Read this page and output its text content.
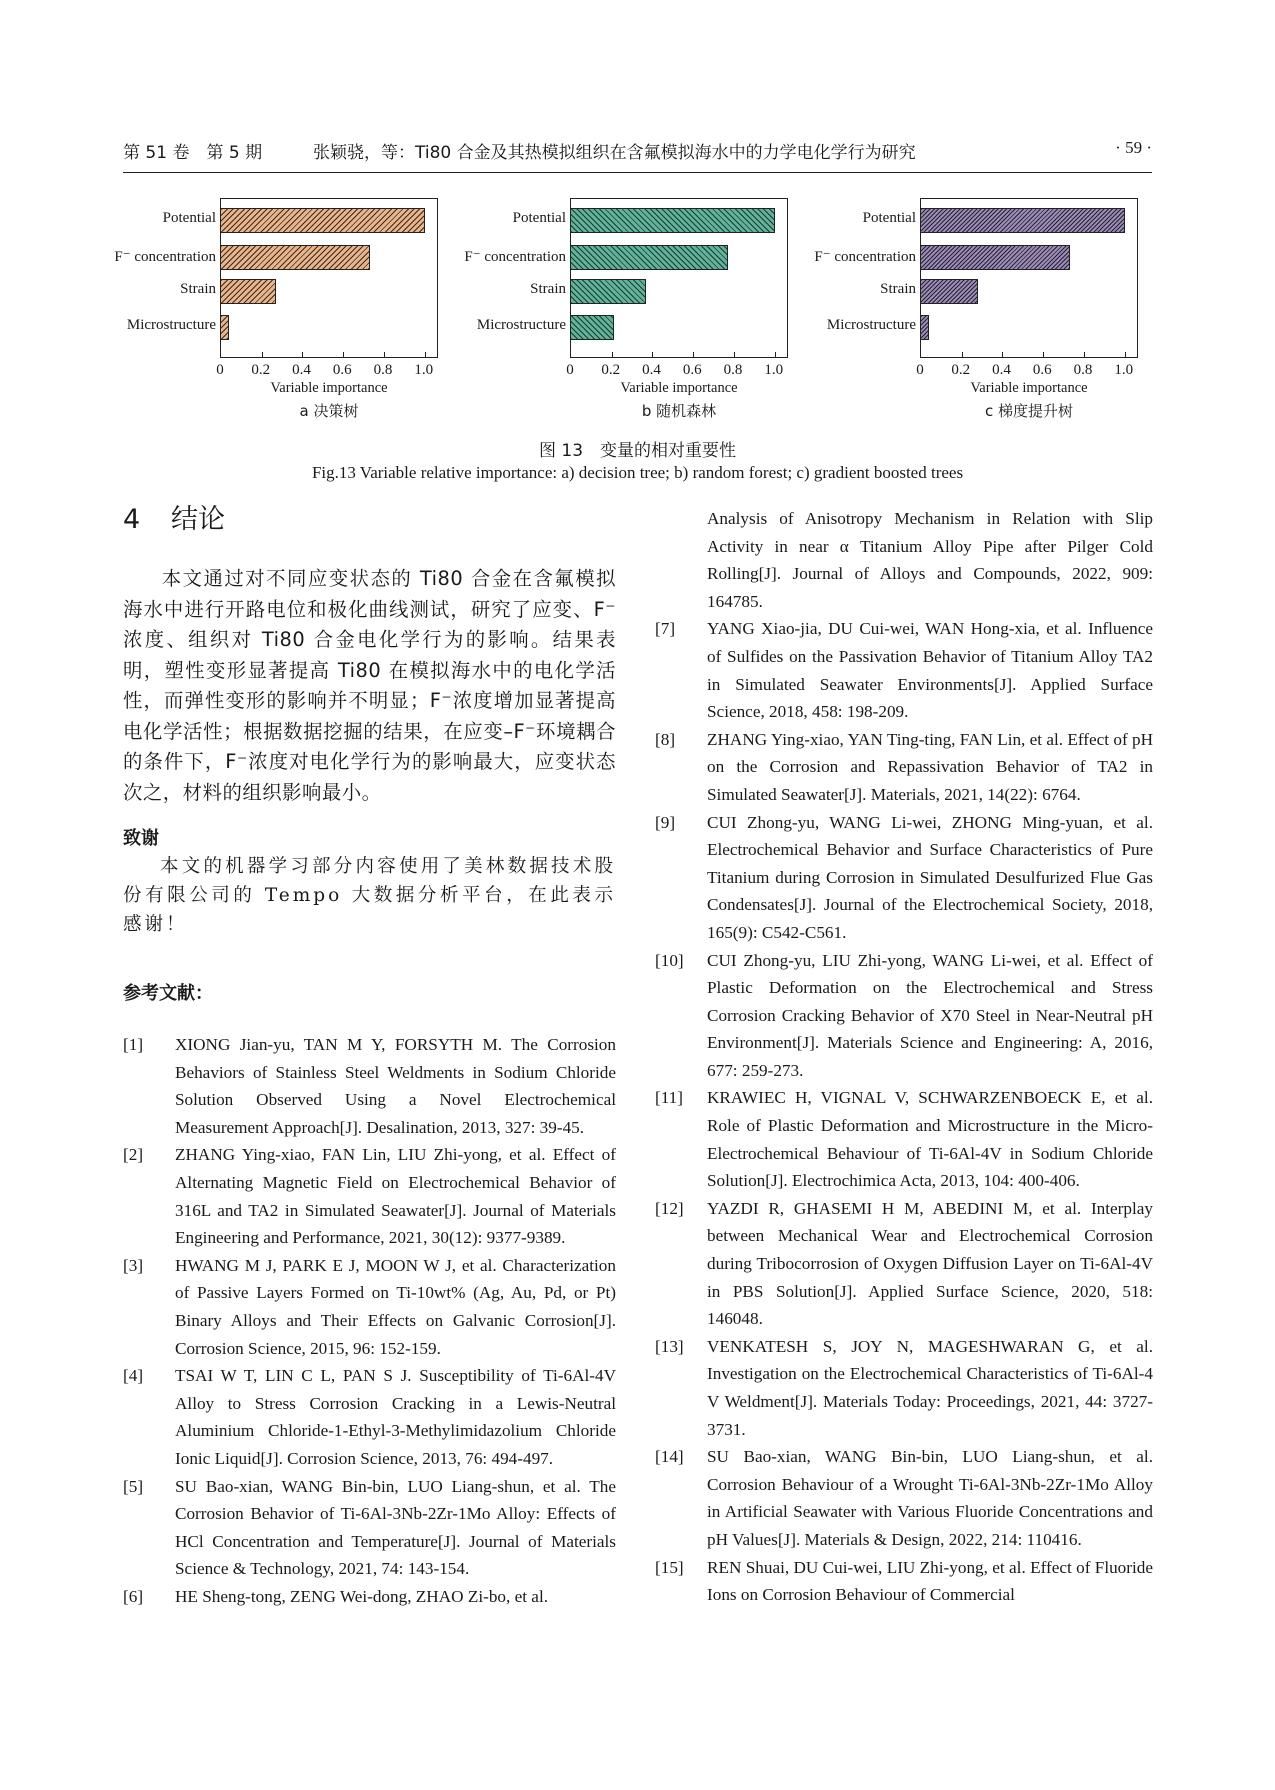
第 51 卷　第 5 期	张颖骁，等：Ti80 合金及其热模拟组织在含氟模拟海水中的力学电化学行为研究	· 59 ·
Potential
F⁻ concentration
Strain
Microstructure
0 0.2 0.4 0.6 0.8 1.0
Variable importance
a 决策树
Potential
F⁻ concentration
Strain
Microstructure
0 0.2 0.4 0.6 0.8 1.0
Variable importance
b 随机森林
Potential
F⁻ concentration
Strain
Microstructure
0 0.2 0.4 0.6 0.8 1.0
Variable importance
c 梯度提升树
图 13　变量的相对重要性
Fig.13 Variable relative importance: a) decision tree; b) random forest; c) gradient boosted trees
4 结论

本文通过对不同应变状态的 Ti80 合金在含氟模拟海水中进行开路电位和极化曲线测试，研究了应变、F⁻浓度、组织对 Ti80 合金电化学行为的影响。结果表明，塑性变形显著提高 Ti80 在模拟海水中的电化学活性，而弹性变形的影响并不明显；F⁻浓度增加显著提高电化学活性；根据数据挖掘的结果，在应变–F⁻环境耦合的条件下，F⁻浓度对电化学行为的影响最大，应变状态次之，材料的组织影响最小。

致谢

本文的机器学习部分内容使用了美林数据技术股份有限公司的 Tempo 大数据分析平台，在此表示感谢！

参考文献：
[1]	XIONG Jian-yu, TAN M Y, FORSYTH M. The Corrosion Behaviors of Stainless Steel Weldments in Sodium Chloride Solution Observed Using a Novel Electrochemical Measurement Approach[J]. Desalination, 2013, 327: 39-45.
[2]	ZHANG Ying-xiao, FAN Lin, LIU Zhi-yong, et al. Effect of Alternating Magnetic Field on Electrochemical Behavior of 316L and TA2 in Simulated Seawater[J]. Journal of Materials Engineering and Performance, 2021, 30(12): 9377-9389.
[3]	HWANG M J, PARK E J, MOON W J, et al. Characterization of Passive Layers Formed on Ti-10wt% (Ag, Au, Pd, or Pt) Binary Alloys and Their Effects on Galvanic Corrosion[J]. Corrosion Science, 2015, 96: 152-159.
[4]	TSAI W T, LIN C L, PAN S J. Susceptibility of Ti-6Al-4V Alloy to Stress Corrosion Cracking in a Lewis-Neutral Aluminium Chloride-1-Ethyl-3-Methylimidazolium Chloride Ionic Liquid[J]. Corrosion Science, 2013, 76: 494-497.
[5]	SU Bao-xian, WANG Bin-bin, LUO Liang-shun, et al. The Corrosion Behavior of Ti-6Al-3Nb-2Zr-1Mo Alloy: Effects of HCl Concentration and Temperature[J]. Journal of Materials Science & Technology, 2021, 74: 143-154.
[6]	HE Sheng-tong, ZENG Wei-dong, ZHAO Zi-bo, et al.
Analysis of Anisotropy Mechanism in Relation with Slip Activity in near α Titanium Alloy Pipe after Pilger Cold Rolling[J]. Journal of Alloys and Compounds, 2022, 909: 164785.
[7]	YANG Xiao-jia, DU Cui-wei, WAN Hong-xia, et al. Influence of Sulfides on the Passivation Behavior of Titanium Alloy TA2 in Simulated Seawater Environments[J]. Applied Surface Science, 2018, 458: 198-209.
[8]	ZHANG Ying-xiao, YAN Ting-ting, FAN Lin, et al. Effect of pH on the Corrosion and Repassivation Behavior of TA2 in Simulated Seawater[J]. Materials, 2021, 14(22): 6764.
[9]	CUI Zhong-yu, WANG Li-wei, ZHONG Ming-yuan, et al. Electrochemical Behavior and Surface Characteristics of Pure Titanium during Corrosion in Simulated Desulfurized Flue Gas Condensates[J]. Journal of the Electrochemical Society, 2018, 165(9): C542-C561.
[10]	CUI Zhong-yu, LIU Zhi-yong, WANG Li-wei, et al. Effect of Plastic Deformation on the Electrochemical and Stress Corrosion Cracking Behavior of X70 Steel in Near-Neutral pH Environment[J]. Materials Science and Engineering: A, 2016, 677: 259-273.
[11]	KRAWIEC H, VIGNAL V, SCHWARZENBOECK E, et al. Role of Plastic Deformation and Microstructure in the Micro-Electrochemical Behaviour of Ti-6Al-4V in Sodium Chloride Solution[J]. Electrochimica Acta, 2013, 104: 400-406.
[12]	YAZDI R, GHASEMI H M, ABEDINI M, et al. Interplay between Mechanical Wear and Electrochemical Corrosion during Tribocorrosion of Oxygen Diffusion Layer on Ti-6Al-4V in PBS Solution[J]. Applied Surface Science, 2020, 518: 146048.
[13]	VENKATESH S, JOY N, MAGESHWARAN G, et al. Investigation on the Electrochemical Characteristics of Ti-6Al-4 V Weldment[J]. Materials Today: Proceedings, 2021, 44: 3727-3731.
[14]	SU Bao-xian, WANG Bin-bin, LUO Liang-shun, et al. Corrosion Behaviour of a Wrought Ti-6Al-3Nb-2Zr-1Mo Alloy in Artificial Seawater with Various Fluoride Concentrations and pH Values[J]. Materials & Design, 2022, 214: 110416.
[15]	REN Shuai, DU Cui-wei, LIU Zhi-yong, et al. Effect of Fluoride Ions on Corrosion Behaviour of Commercial
